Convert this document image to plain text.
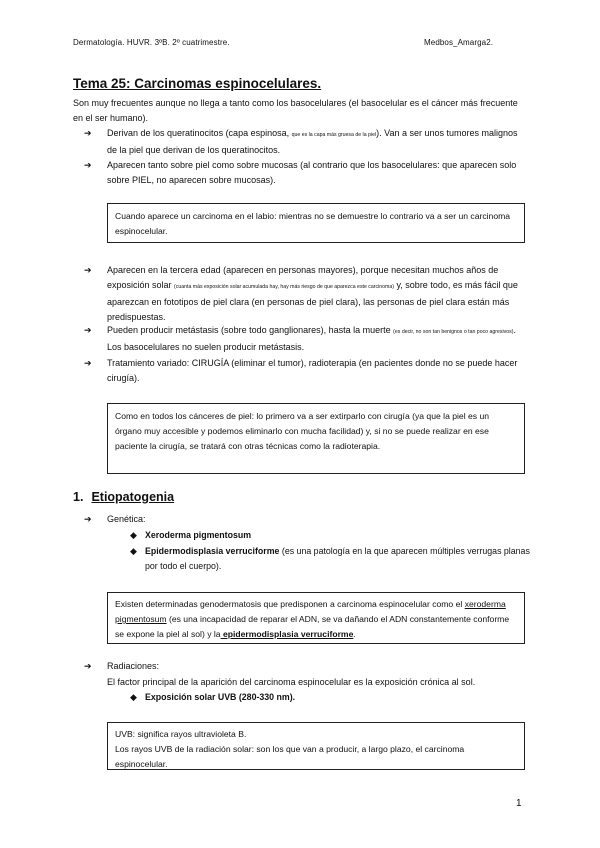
Dermatología. HUVR. 3ºB. 2º cuatrimestre.	Medbos_Amarga2.
Tema 25: Carcinomas espinocelulares.

Son muy frecuentes aunque no llega a tanto como los basocelulares (el basocelular es el cáncer más frecuente en el ser humano).

➔ Derivan de los queratinocitos (capa espinosa, que es la capa más gruesa de la piel). Van a ser unos tumores malignos de la piel que derivan de los queratinocitos.
➔ Aparecen tanto sobre piel como sobre mucosas (al contrario que los basocelulares: que aparecen solo sobre PIEL, no aparecen sobre mucosas).
Cuando aparece un carcinoma en el labio: mientras no se demuestre lo contrario va a ser un carcinoma espinocelular.
➔ Aparecen en la tercera edad (aparecen en personas mayores), porque necesitan muchos años de exposición solar (cuanta más exposición solar acumulada hay, hay más riesgo de que aparezca este carcinoma) y, sobre todo, es más fácil que aparezcan en fototipos de piel clara (en personas de piel clara), las personas de piel clara están más predispuestas.
➔ Pueden producir metástasis (sobre todo ganglionares), hasta la muerte (es decir, no son tan benignos o tan poco agresivos). Los basocelulares no suelen producir metástasis.
➔ Tratamiento variado: CIRUGÍA (eliminar el tumor), radioterapia (en pacientes donde no se puede hacer cirugía).
Como en todos los cánceres de piel: lo primero va a ser extirparlo con cirugía (ya que la piel es un órgano muy accesible y podemos eliminarlo con mucha facilidad) y, si no se puede realizar en ese paciente la cirugía, se tratará con otras técnicas como la radioterapia.
1. Etiopatogenia
➔ Genética:
◆ Xeroderma pigmentosum
◆ Epidermodisplasia verruciforme (es una patología en la que aparecen múltiples verrugas planas por todo el cuerpo).
Existen determinadas genodermatosis que predisponen a carcinoma espinocelular como el xeroderma pigmentosum (es una incapacidad de reparar el ADN, se va dañando el ADN constantemente conforme se expone la piel al sol) y la epidermodisplasia verruciforme.
➔ Radiaciones:

El factor principal de la aparición del carcinoma espinocelular es la exposición crónica al sol.

◆ Exposición solar UVB (280-330 nm).
UVB: significa rayos ultravioleta B.
Los rayos UVB de la radiación solar: son los que van a producir, a largo plazo, el carcinoma espinocelular.
1
